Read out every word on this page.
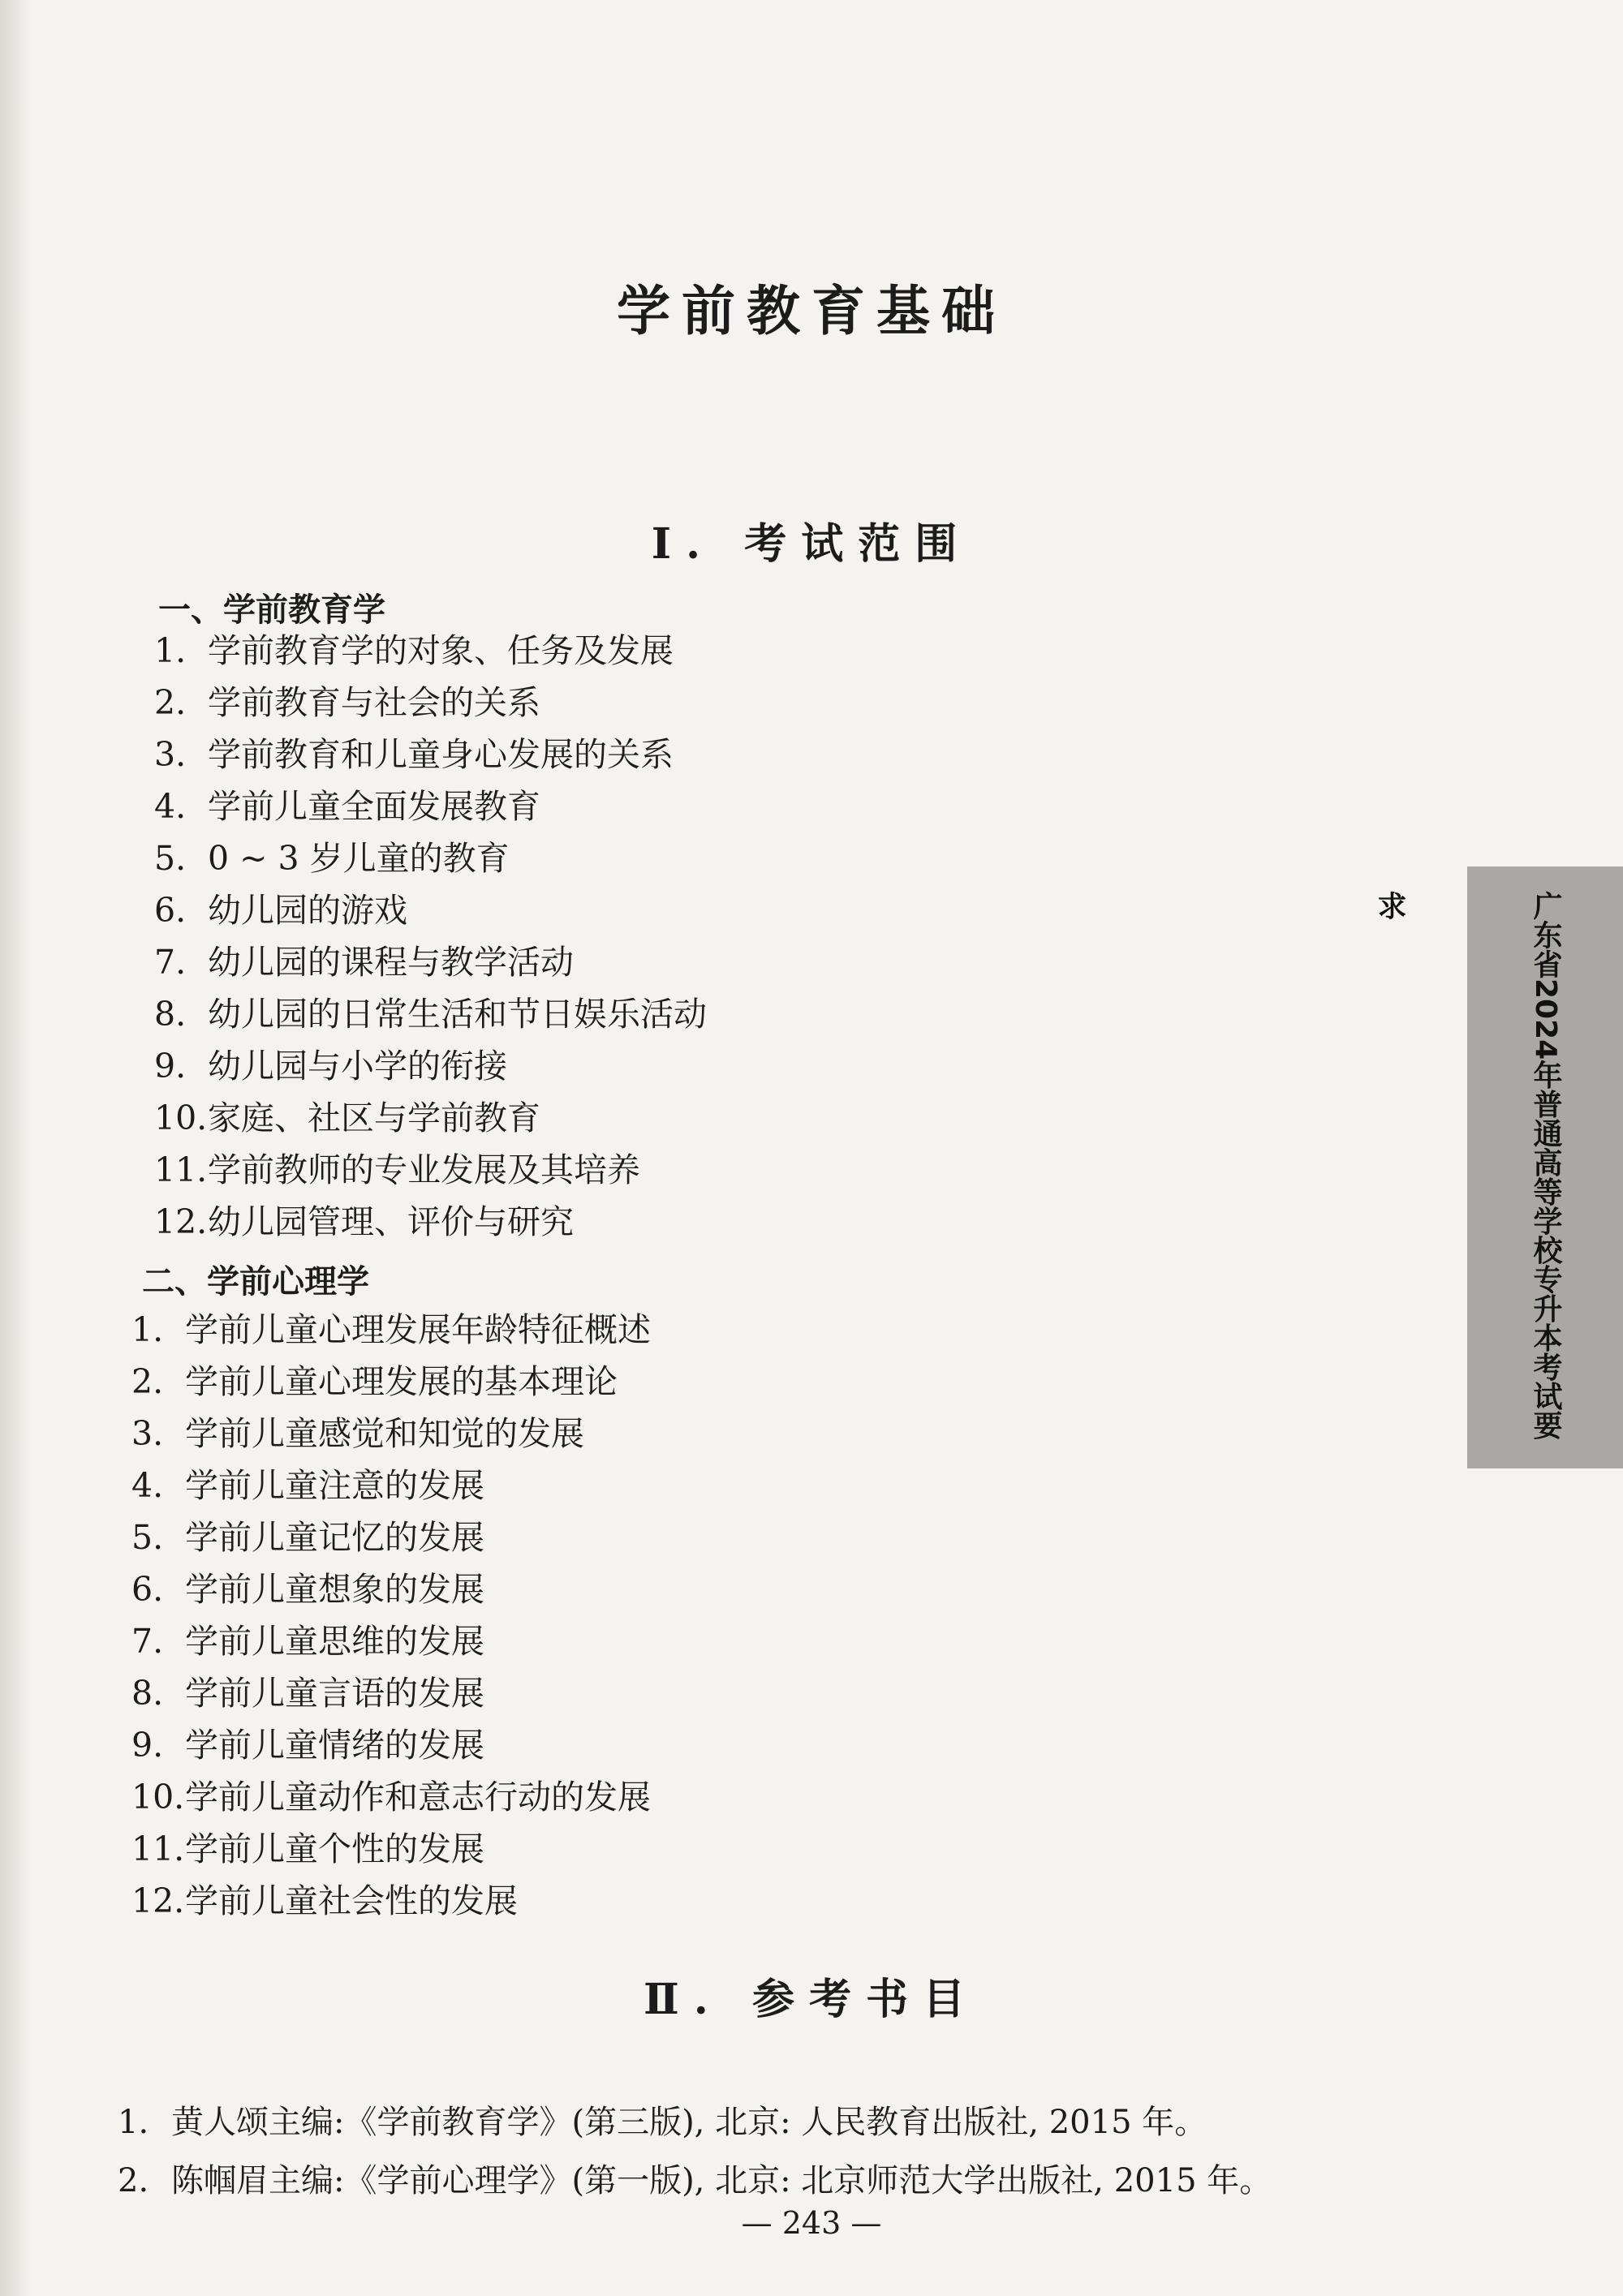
学前教育基础
Ⅰ. 考试范围
一、学前教育学
1. 学前教育学的对象、任务及发展
2. 学前教育与社会的关系
3. 学前教育和儿童身心发展的关系
4. 学前儿童全面发展教育
5. 0 ~ 3 岁儿童的教育
6. 幼儿园的游戏
7. 幼儿园的课程与教学活动
8. 幼儿园的日常生活和节日娱乐活动
9. 幼儿园与小学的衔接
10.家庭、社区与学前教育
11.学前教师的专业发展及其培养
12.幼儿园管理、评价与研究
二、学前心理学
1. 学前儿童心理发展年龄特征概述
2. 学前儿童心理发展的基本理论
3. 学前儿童感觉和知觉的发展
4. 学前儿童注意的发展
5. 学前儿童记忆的发展
6. 学前儿童想象的发展
7. 学前儿童思维的发展
8. 学前儿童言语的发展
9. 学前儿童情绪的发展
10.学前儿童动作和意志行动的发展
11.学前儿童个性的发展
12.学前儿童社会性的发展
Ⅱ. 参考书目
1. 黄人颂主编:《学前教育学》(第三版), 北京: 人民教育出版社, 2015 年。
2. 陈帼眉主编:《学前心理学》(第一版), 北京: 北京师范大学出版社, 2015 年。
— 243 —
广东省2024年普通高等学校专升本考试要求
